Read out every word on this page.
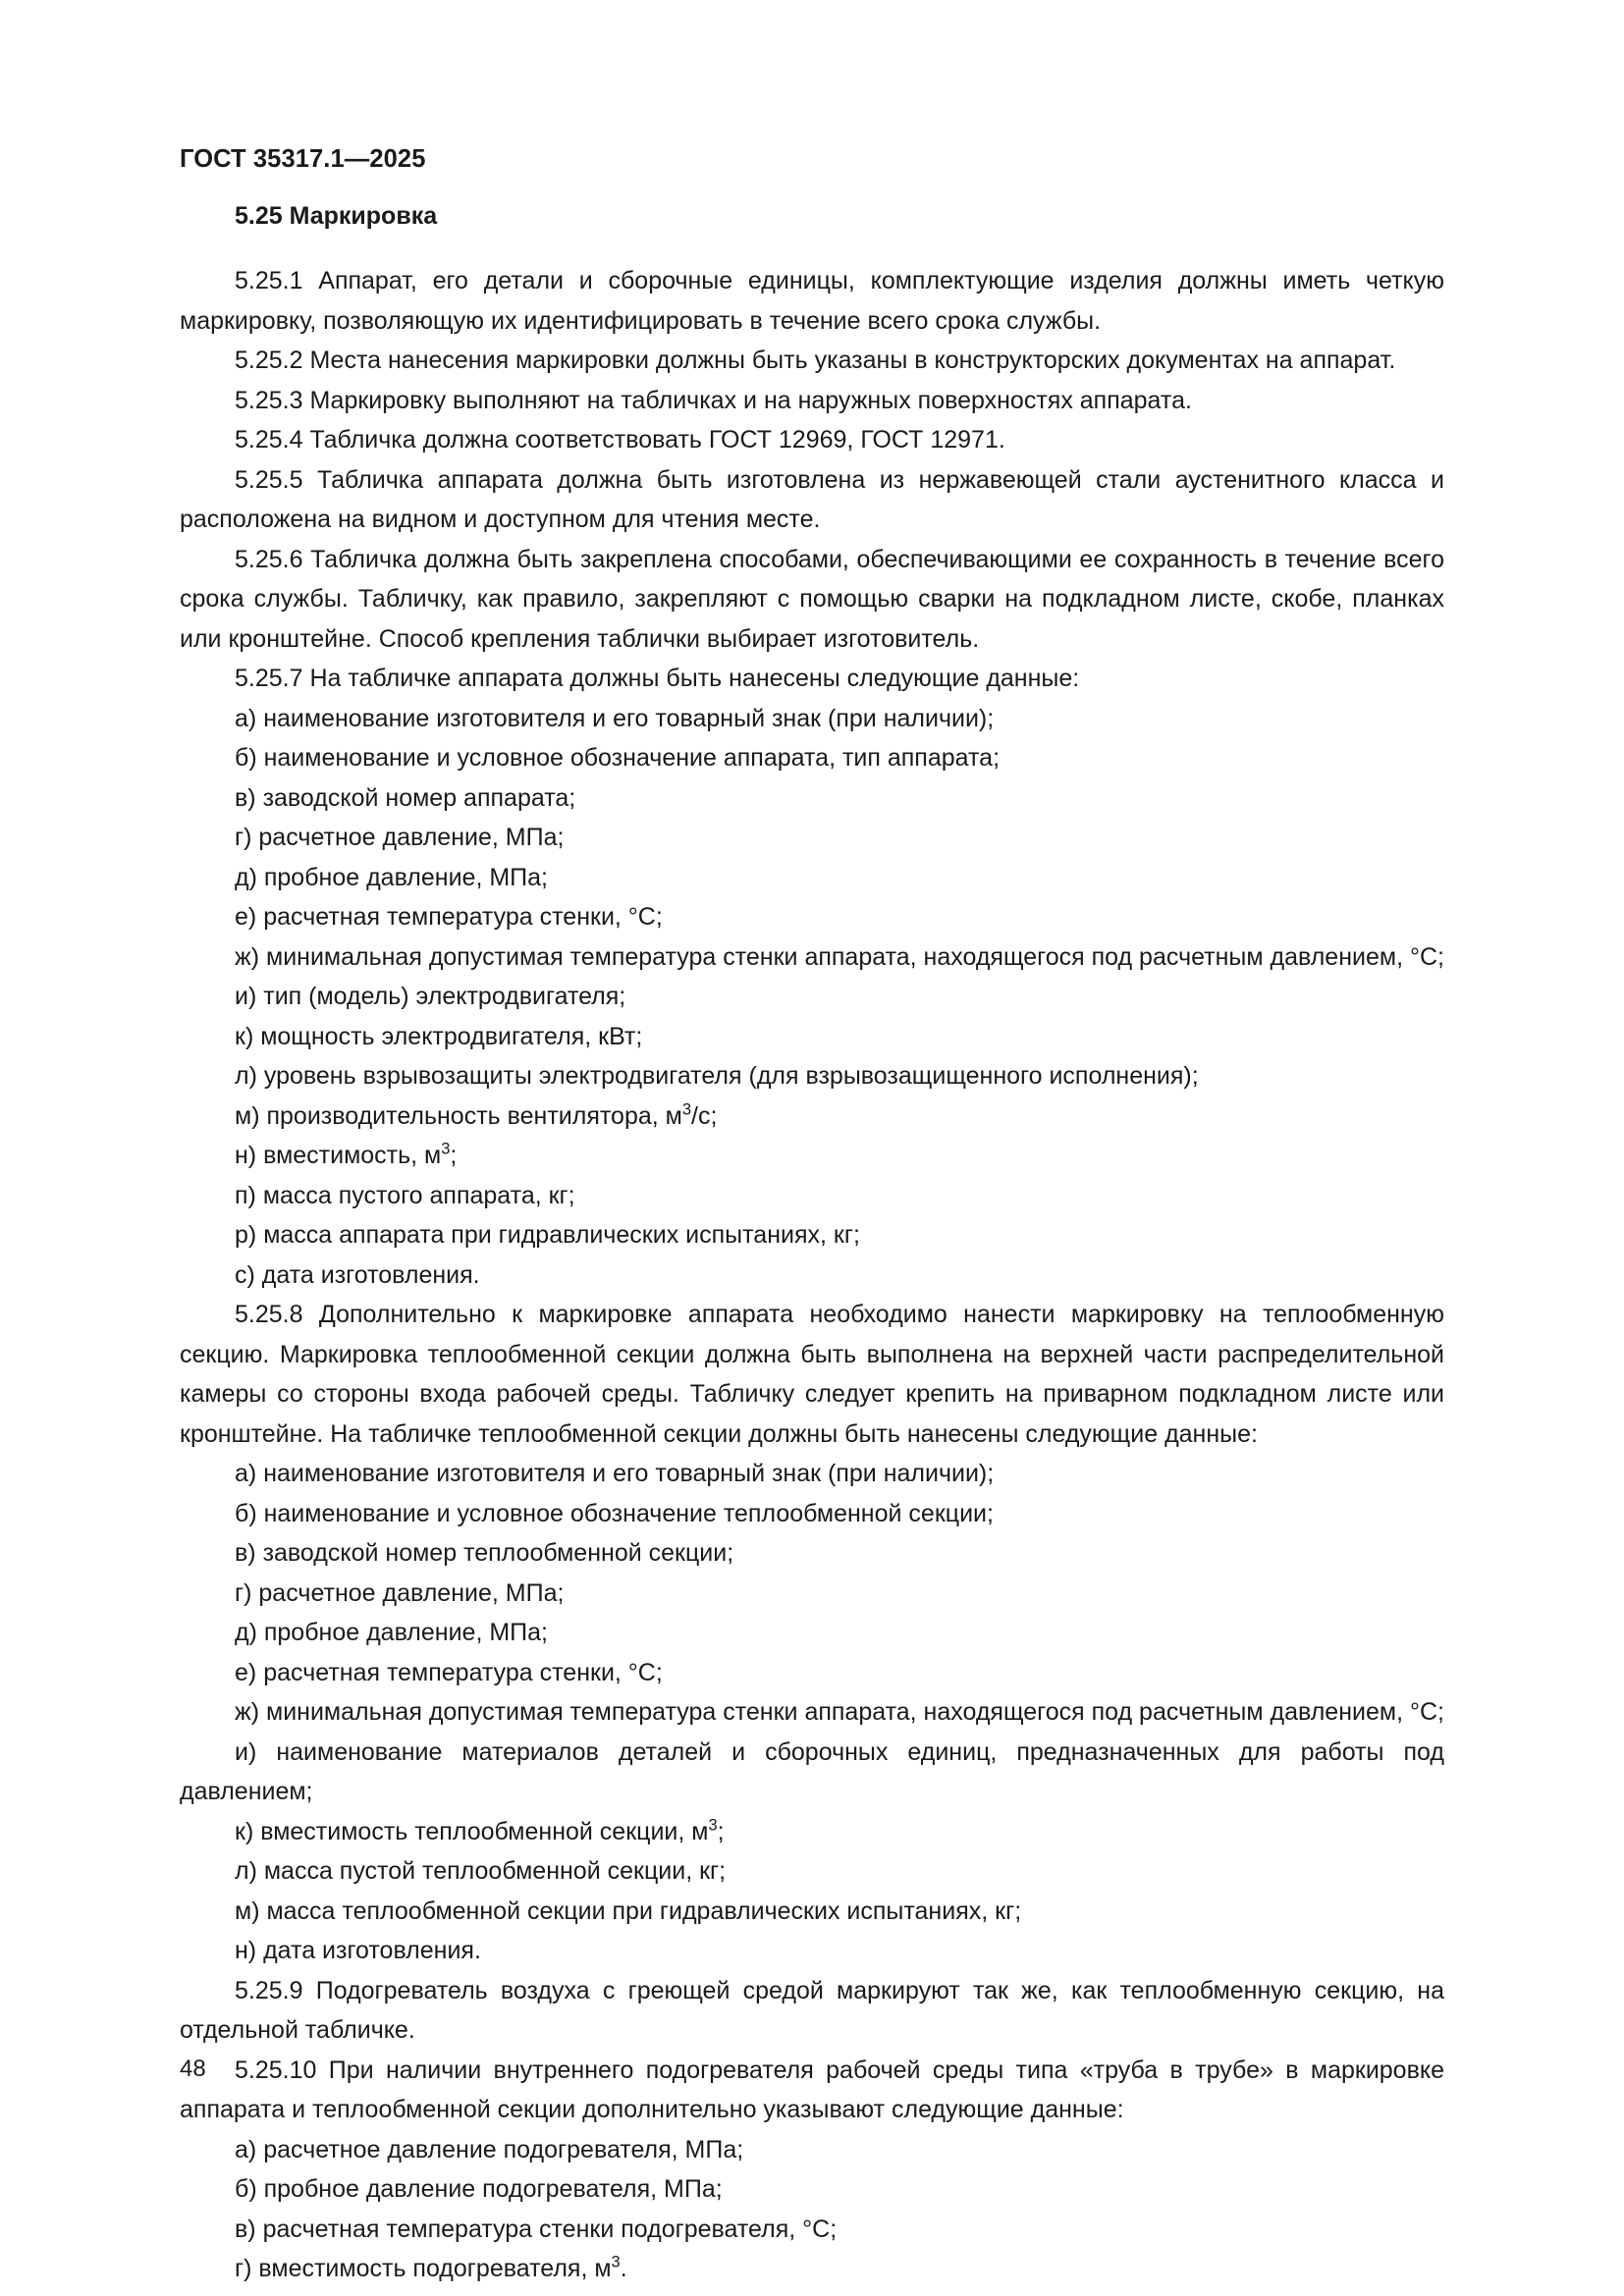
ГОСТ 35317.1—2025
5.25 Маркировка

5.25.1 Аппарат, его детали и сборочные единицы, комплектующие изделия должны иметь четкую маркировку, позволяющую их идентифицировать в течение всего срока службы.

5.25.2 Места нанесения маркировки должны быть указаны в конструкторских документах на аппарат.

5.25.3 Маркировку выполняют на табличках и на наружных поверхностях аппарата.

5.25.4 Табличка должна соответствовать ГОСТ 12969, ГОСТ 12971.

5.25.5 Табличка аппарата должна быть изготовлена из нержавеющей стали аустенитного класса и расположена на видном и доступном для чтения месте.

5.25.6 Табличка должна быть закреплена способами, обеспечивающими ее сохранность в течение всего срока службы. Табличку, как правило, закрепляют с помощью сварки на подкладном листе, скобе, планках или кронштейне. Способ крепления таблички выбирает изготовитель.

5.25.7 На табличке аппарата должны быть нанесены следующие данные:

а) наименование изготовителя и его товарный знак (при наличии);

б) наименование и условное обозначение аппарата, тип аппарата;

в) заводской номер аппарата;

г) расчетное давление, МПа;

д) пробное давление, МПа;

е) расчетная температура стенки, °С;

ж) минимальная допустимая температура стенки аппарата, находящегося под расчетным давлением, °С;

и) тип (модель) электродвигателя;

к) мощность электродвигателя, кВт;

л) уровень взрывозащиты электродвигателя (для взрывозащищенного исполнения);

м) производительность вентилятора, $м^3/с$;

н) вместимость, $м^3$;

п) масса пустого аппарата, кг;

р) масса аппарата при гидравлических испытаниях, кг;

с) дата изготовления.

5.25.8 Дополнительно к маркировке аппарата необходимо нанести маркировку на теплообменную секцию. Маркировка теплообменной секции должна быть выполнена на верхней части распределительной камеры со стороны входа рабочей среды. Табличку следует крепить на приварном подкладном листе или кронштейне. На табличке теплообменной секции должны быть нанесены следующие данные:

а) наименование изготовителя и его товарный знак (при наличии);

б) наименование и условное обозначение теплообменной секции;

в) заводской номер теплообменной секции;

г) расчетное давление, МПа;

д) пробное давление, МПа;

е) расчетная температура стенки, °С;

ж) минимальная допустимая температура стенки аппарата, находящегося под расчетным давлением, °С;

и) наименование материалов деталей и сборочных единиц, предназначенных для работы под давлением;

к) вместимость теплообменной секции, $м^3$;

л) масса пустой теплообменной секции, кг;

м) масса теплообменной секции при гидравлических испытаниях, кг;

н) дата изготовления.

5.25.9 Подогреватель воздуха с греющей средой маркируют так же, как теплообменную секцию, на отдельной табличке.

5.25.10 При наличии внутреннего подогревателя рабочей среды типа «труба в трубе» в маркировке аппарата и теплообменной секции дополнительно указывают следующие данные:

а) расчетное давление подогревателя, МПа;

б) пробное давление подогревателя, МПа;

в) расчетная температура стенки подогревателя, °С;

г) вместимость подогревателя, $м^3$.

48
